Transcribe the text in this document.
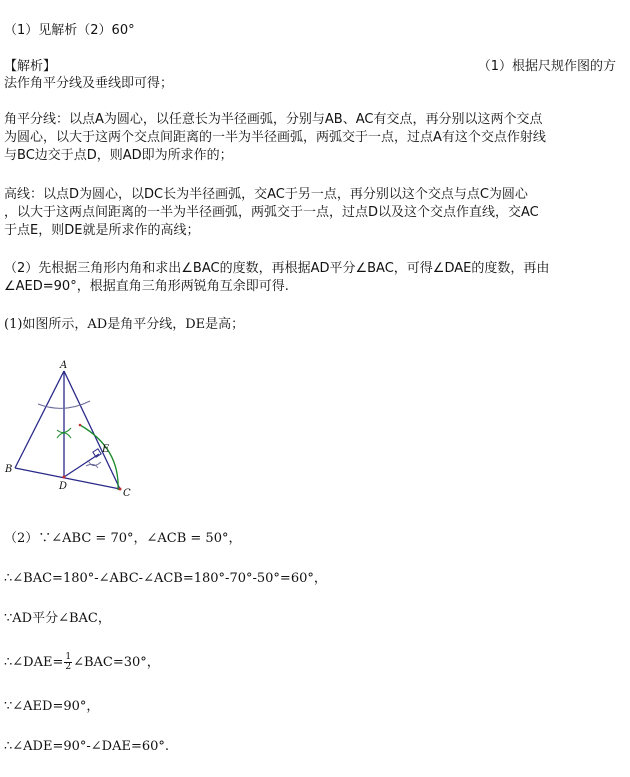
（1）见解析（2）60°
【解析】	（1）根据尺规作图的方
法作角平分线及垂线即可得；
角平分线：以点A为圆心，以任意长为半径画弧，分别与AB、AC有交点，再分别以这两个交点
为圆心，以大于这两个交点间距离的一半为半径画弧，两弧交于一点，过点A有这个交点作射线
与BC边交于点D，则AD即为所求作的；
高线：以点D为圆心，以DC长为半径画弧，交AC于另一点，再分别以这个交点与点C为圆心
，以大于这两点间距离的一半为半径画弧，两弧交于一点，过点D以及这个交点作直线，交AC
于点E，则DE就是所求作的高线；
（2）先根据三角形内角和求出∠BAC的度数，再根据AD平分∠BAC，可得∠DAE的度数，再由
∠AED=90°，根据直角三角形两锐角互余即可得.
(1)如图所示，AD是角平分线，DE是高；
A
B
C
D
E
（2）∵∠ABC = 70°，∠ACB = 50°，
∴∠BAC=180°-∠ABC-∠ACB=180°-70°-50°=60°，
∵AD平分∠BAC，
∴∠DAE= $\frac{1}{2}$ ∠BAC=30°，
∵∠AED=90°，
∴∠ADE=90°-∠DAE=60°.
